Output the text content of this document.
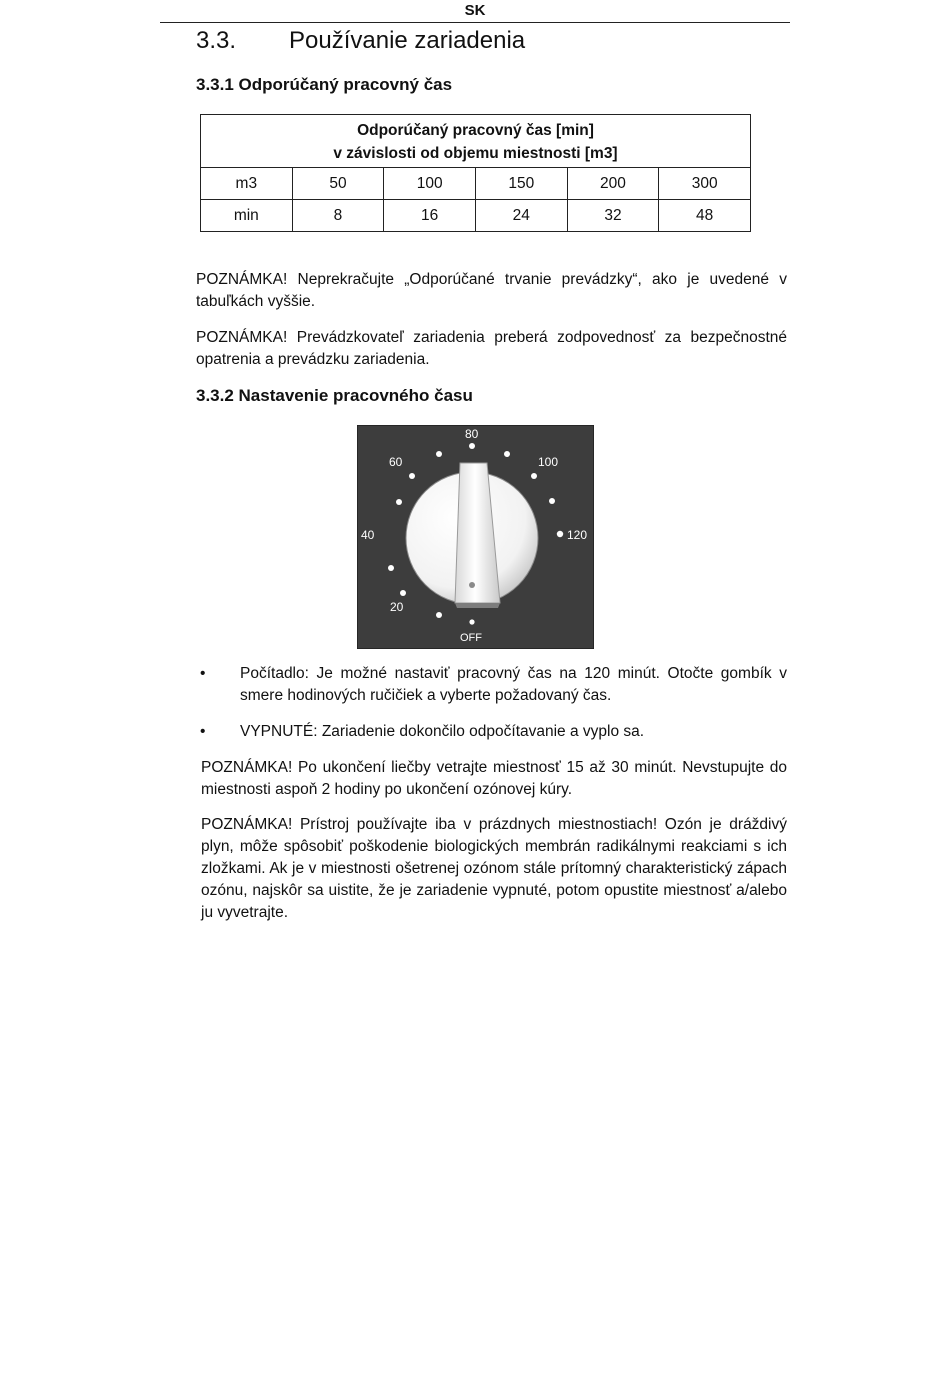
SK
3.3. Používanie zariadenia
3.3.1 Odporúčaný pracovný čas
Odporúčaný pracovný čas [min]
v závislosti od objemu miestnosti [m3]					
m3	50	100	150	200	300
min	8	16	24	32	48

POZNÁMKA! Neprekračujte „Odporúčané trvanie prevádzky“, ako je uvedené v tabuľkách vyššie.

POZNÁMKA! Prevádzkovateľ zariadenia preberá zodpovednosť za bezpečnostné opatrenia a prevádzku zariadenia.

3.3.2 Nastavenie pracovného času
80
60	100
40	120
20
OFF
• Počítadlo: Je možné nastaviť pracovný čas na 120 minút. Otočte gombík v smere hodinových ručičiek a vyberte požadovaný čas.

• VYPNUTÉ: Zariadenie dokončilo odpočítavanie a vyplo sa.

POZNÁMKA! Po ukončení liečby vetrajte miestnosť 15 až 30 minút. Nevstupujte do miestnosti aspoň 2 hodiny po ukončení ozónovej kúry.

POZNÁMKA! Prístroj používajte iba v prázdnych miestnostiach! Ozón je dráždivý plyn, môže spôsobiť poškodenie biologických membrán radikálnymi reakciami s ich zložkami. Ak je v miestnosti ošetrenej ozónom stále prítomný charakteristický zápach ozónu, najskôr sa uistite, že je zariadenie vypnuté, potom opustite miestnosť a/alebo ju vyvetrajte.
